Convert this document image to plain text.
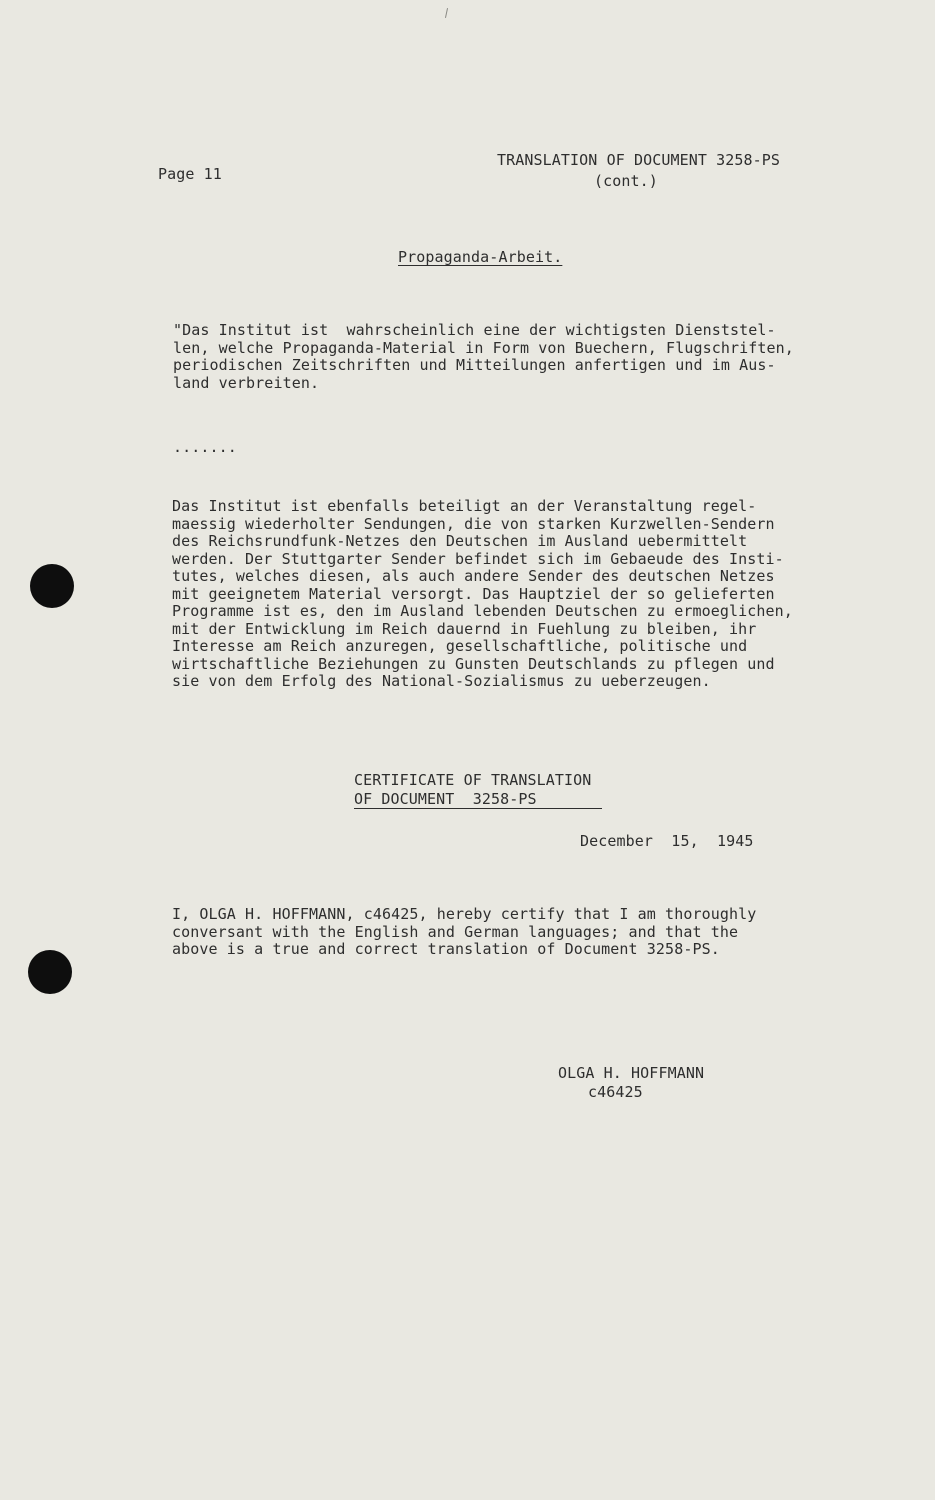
Page 11
TRANSLATION OF DOCUMENT 3258-PS
(cont.)
Propaganda-Arbeit.
"Das Institut ist  wahrscheinlich eine der wichtigsten Dienststel-
len, welche Propaganda-Material in Form von Buechern, Flugschriften,
periodischen Zeitschriften und Mitteilungen anfertigen und im Aus-
land verbreiten.
.......
Das Institut ist ebenfalls beteiligt an der Veranstaltung regel-
maessig wiederholter Sendungen, die von starken Kurzwellen-Sendern
des Reichsrundfunk-Netzes den Deutschen im Ausland uebermittelt
werden. Der Stuttgarter Sender befindet sich im Gebaeude des Insti-
tutes, welches diesen, als auch andere Sender des deutschen Netzes
mit geeignetem Material versorgt. Das Hauptziel der so gelieferten
Programme ist es, den im Ausland lebenden Deutschen zu ermoeglichen,
mit der Entwicklung im Reich dauernd in Fuehlung zu bleiben, ihr
Interesse am Reich anzuregen, gesellschaftliche, politische und
wirtschaftliche Beziehungen zu Gunsten Deutschlands zu pflegen und
sie von dem Erfolg des National-Sozialismus zu ueberzeugen.
CERTIFICATE OF TRANSLATION
OF DOCUMENT  3258-PS
December  15,  1945
I, OLGA H. HOFFMANN, c46425, hereby certify that I am thoroughly
conversant with the English and German languages; and that the
above is a true and correct translation of Document 3258-PS.
OLGA H. HOFFMANN
c46425
